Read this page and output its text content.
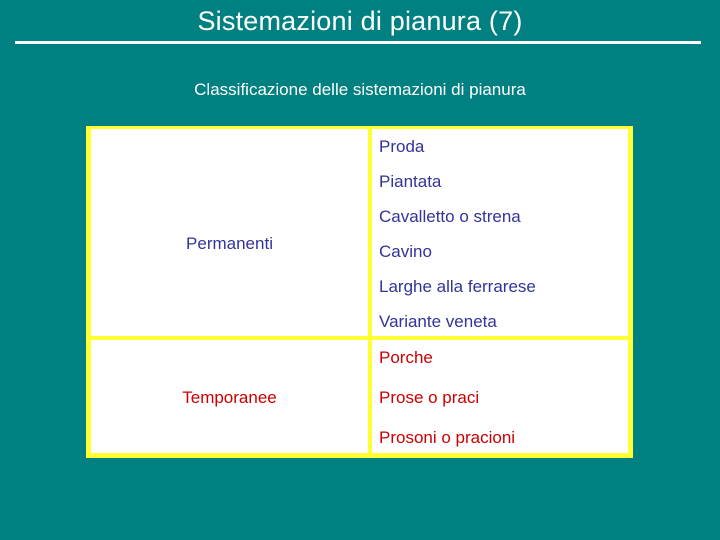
Sistemazioni di pianura (7)
Classificazione delle sistemazioni di pianura
Permanenti
Proda
Piantata
Cavalletto o strena
Cavino
Larghe alla ferrarese
Variante veneta
Temporanee
Porche
Prose o praci
Prosoni o pracioni
